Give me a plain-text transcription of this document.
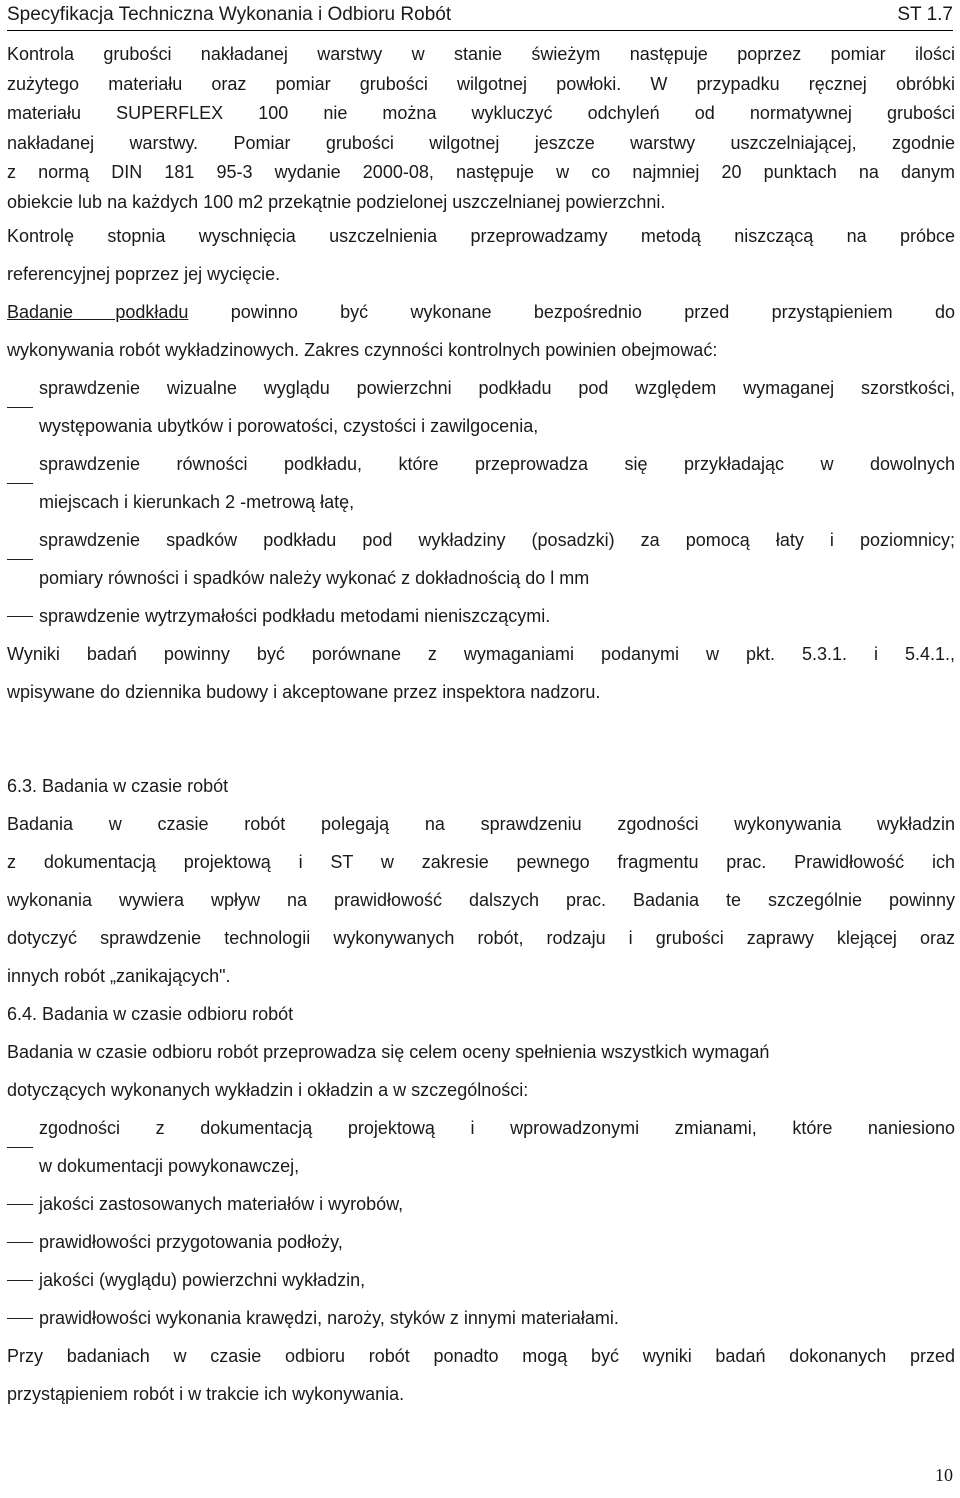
Specyfikacja Techniczna Wykonania i Odbioru Robót	ST 1.7

Kontrola grubości nakładanej warstwy w stanie świeżym następuje poprzez pomiar ilości

zużytego materiału oraz pomiar grubości wilgotnej powłoki. W przypadku ręcznej obróbki

materiału SUPERFLEX 100 nie można wykluczyć odchyleń od normatywnej grubości

nakładanej warstwy. Pomiar grubości wilgotnej jeszcze warstwy uszczelniającej, zgodnie

z normą DIN 181 95-3 wydanie 2000-08, następuje w co najmniej 20 punktach na danym

obiekcie lub na każdych 100 m2 przekątnie podzielonej uszczelnianej powierzchni.

Kontrolę stopnia wyschnięcia uszczelnienia przeprowadzamy metodą niszczącą na próbce

referencyjnej poprzez jej wycięcie.

Badanie podkładu powinno być wykonane bezpośrednio przed przystąpieniem do

wykonywania robót wykładzinowych. Zakres czynności kontrolnych powinien obejmować:

sprawdzenie wizualne wyglądu powierzchni podkładu pod względem wymaganej szorstkości,
występowania ubytków i porowatości, czystości i zawilgocenia,
sprawdzenie równości podkładu, które przeprowadza się przykładając w dowolnych
miejscach i kierunkach 2 -metrową łatę,
sprawdzenie spadków podkładu pod wykładziny (posadzki) za pomocą łaty i poziomnicy;
pomiary równości i spadków należy wykonać z dokładnością do l mm
sprawdzenie wytrzymałości podkładu metodami nieniszczącymi.

Wyniki badań powinny być porównane z wymaganiami podanymi w pkt. 5.3.1. i 5.4.1.,

wpisywane do dziennika budowy i akceptowane przez inspektora nadzoru.

6.3. Badania w czasie robót

Badania w czasie robót polegają na sprawdzeniu zgodności wykonywania wykładzin

z dokumentacją projektową i ST w zakresie pewnego fragmentu prac. Prawidłowość ich

wykonania wywiera wpływ na prawidłowość dalszych prac. Badania te szczególnie powinny

dotyczyć sprawdzenie technologii wykonywanych robót, rodzaju i grubości zaprawy klejącej oraz

innych robót „zanikających".

6.4. Badania w czasie odbioru robót

Badania w czasie odbioru robót przeprowadza się celem oceny spełnienia wszystkich wymagań

dotyczących wykonanych wykładzin i okładzin a w szczególności:

zgodności z dokumentacją projektową i wprowadzonymi zmianami, które naniesiono
w dokumentacji powykonawczej,
jakości zastosowanych materiałów i wyrobów,
prawidłowości przygotowania podłoży,
jakości (wyglądu) powierzchni wykładzin,
prawidłowości wykonania krawędzi, naroży, styków z innymi materiałami.

Przy badaniach w czasie odbioru robót ponadto mogą być wyniki badań dokonanych przed

przystąpieniem robót i w trakcie ich wykonywania.

10
